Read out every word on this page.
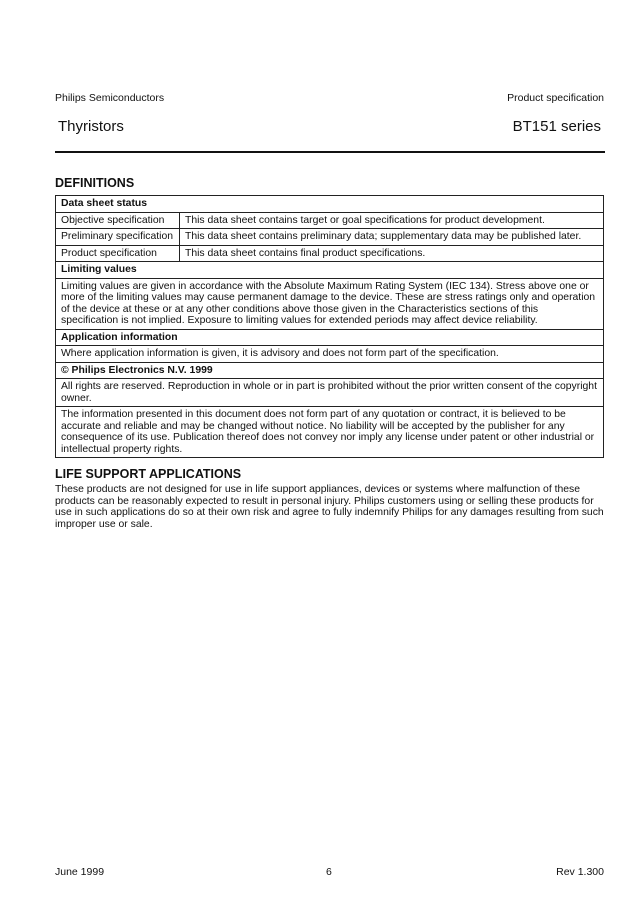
Philips Semiconductors	Product specification
Thyristors	BT151 series
DEFINITIONS
Data sheet status	
Objective specification	This data sheet contains target or goal specifications for product development.
Preliminary specification	This data sheet contains preliminary data; supplementary data may be published later.
Product specification	This data sheet contains final product specifications.
Limiting values	
Limiting values are given in accordance with the Absolute Maximum Rating System (IEC 134). Stress above one or more of the limiting values may cause permanent damage to the device. These are stress ratings only and operation of the device at these or at any other conditions above those given in the Characteristics sections of this specification is not implied. Exposure to limiting values for extended periods may affect device reliability.	
Application information	
Where application information is given, it is advisory and does not form part of the specification.	
© Philips Electronics N.V. 1999	
All rights are reserved. Reproduction in whole or in part is prohibited without the prior written consent of the copyright owner.	
The information presented in this document does not form part of any quotation or contract, it is believed to be accurate and reliable and may be changed without notice. No liability will be accepted by the publisher for any consequence of its use. Publication thereof does not convey nor imply any license under patent or other industrial or intellectual property rights.	
LIFE SUPPORT APPLICATIONS
These products are not designed for use in life support appliances, devices or systems where malfunction of these products can be reasonably expected to result in personal injury. Philips customers using or selling these products for use in such applications do so at their own risk and agree to fully indemnify Philips for any damages resulting from such improper use or sale.
June 1999	6	Rev 1.300
